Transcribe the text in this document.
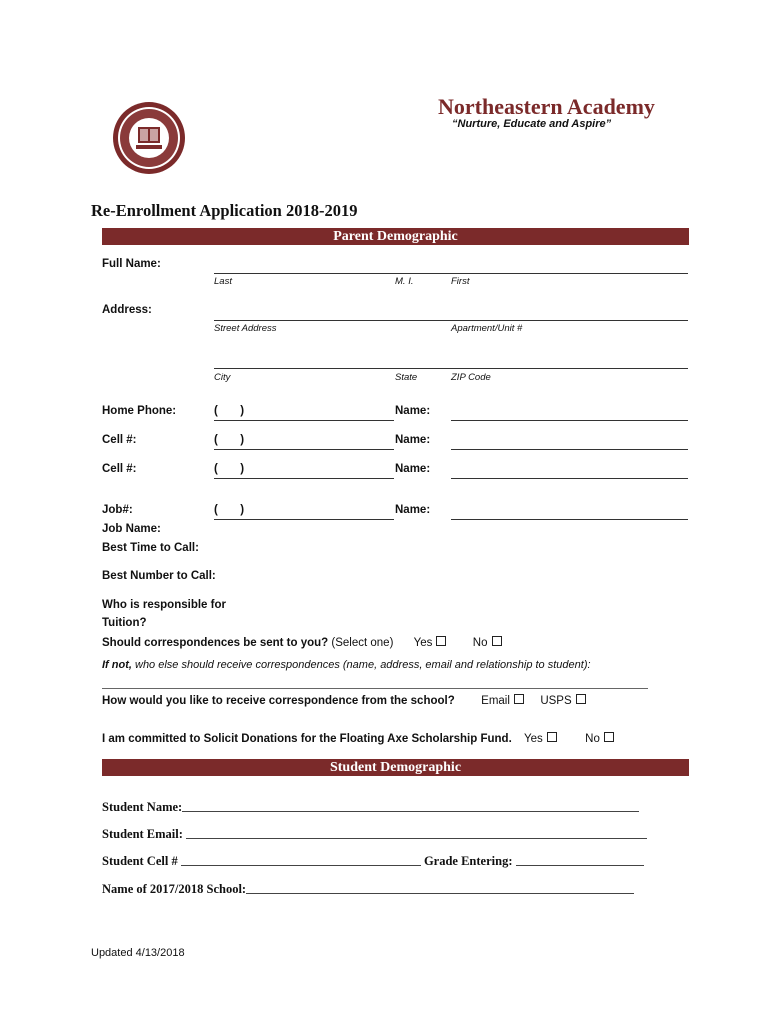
Northeastern Academy
“Nurture, Educate and Aspire”
Re-Enrollment Application 2018-2019
Parent Demographic
Full Name:
Last	M. I.	First
Address:
Street Address	Apartment/Unit #
City	State	ZIP Code
Home Phone:	(       )	Name:
Cell #:	(       )	Name:
Cell #:	(       )	Name:
Job#:	(       )	Name:
Job Name:
Best Time to Call:
Best Number to Call:
Who is responsible for
Tuition?
Should correspondences be sent to you? (Select one) Yes	No
If not, who else should receive correspondences (name, address, email and relationship to student):
How would you like to receive correspondence from the school? Email	USPS
I am committed to Solicit Donations for the Floating Axe Scholarship Fund. Yes	No
Student Demographic
Student Name:
Student Email:
Student Cell #	Grade Entering:
Name of 2017/2018 School:
Updated 4/13/2018
